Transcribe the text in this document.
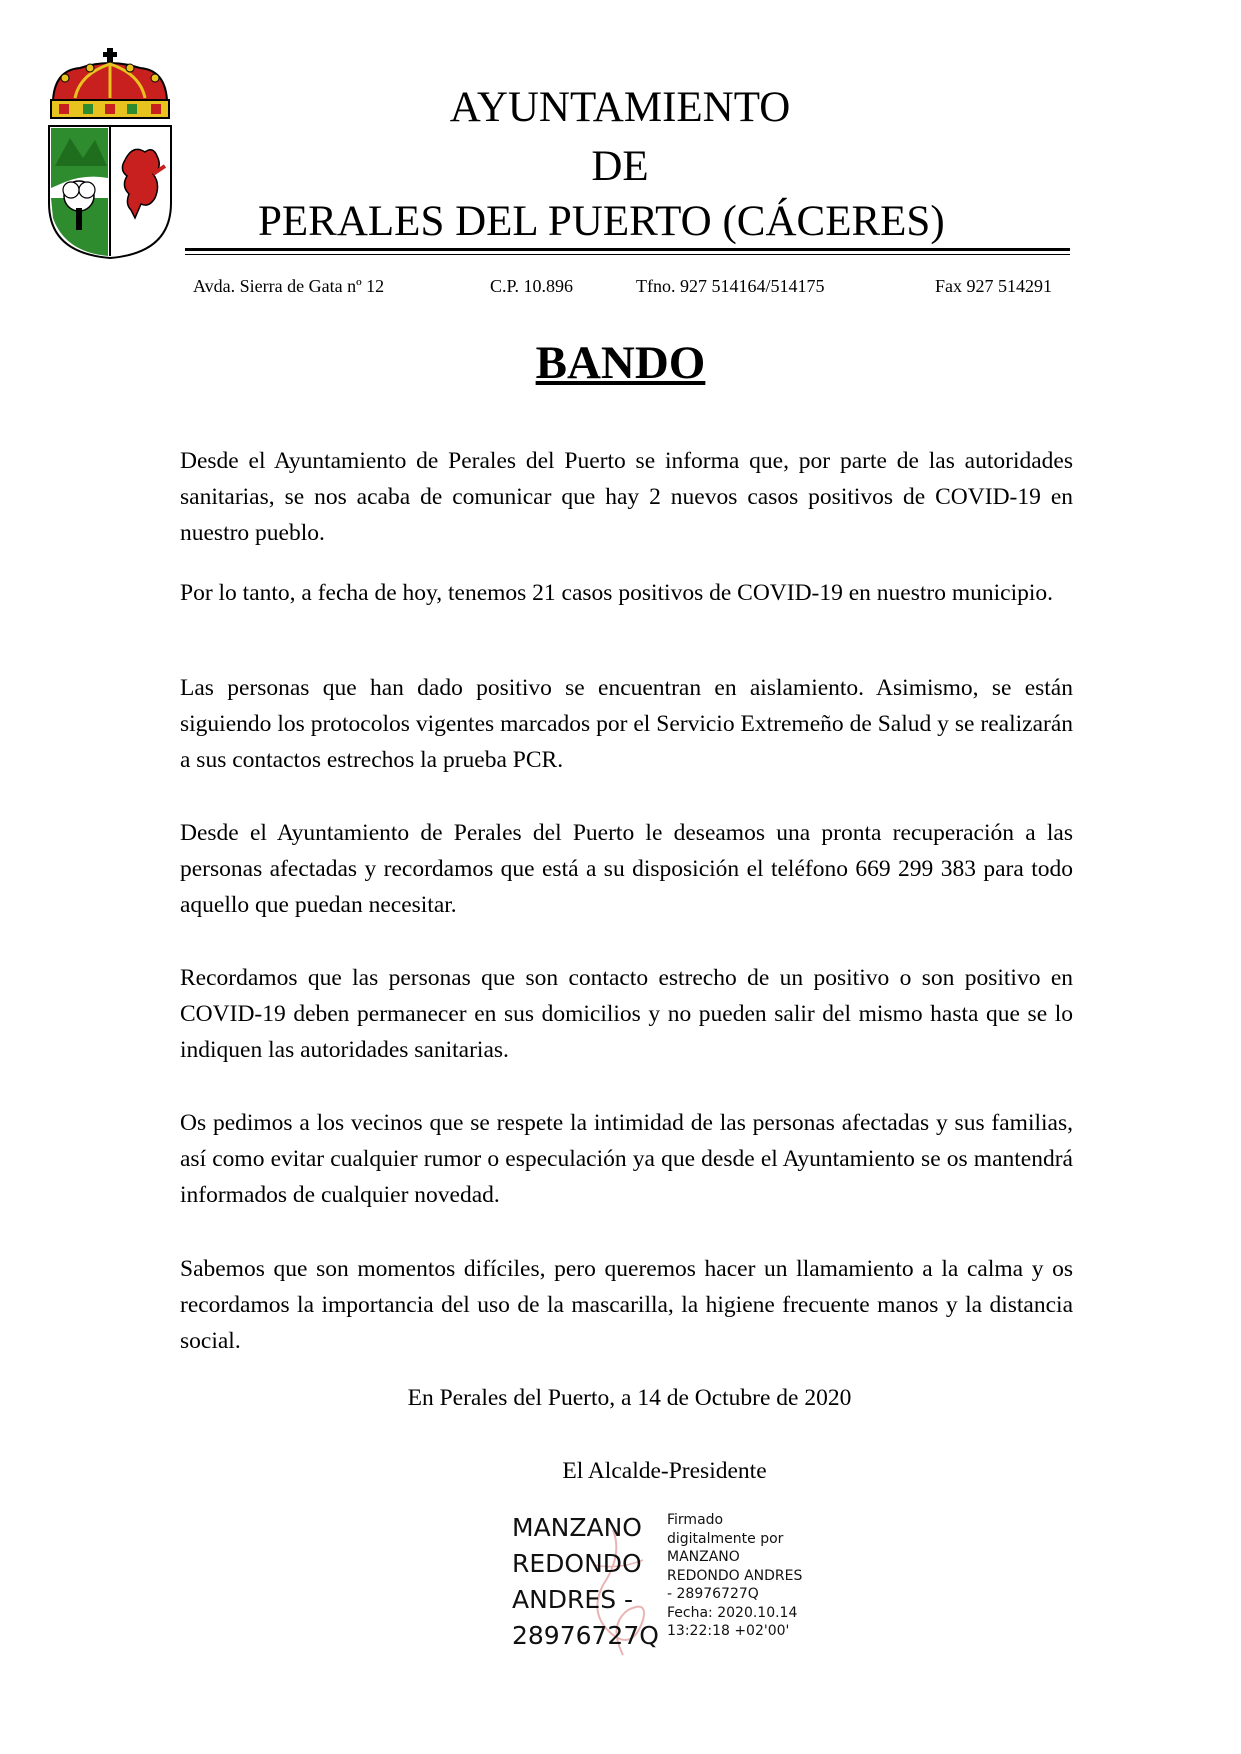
AYUNTAMIENTO
DE
PERALES DEL PUERTO (CÁCERES)
Avda. Sierra de Gata nº 12	C.P. 10.896	Tfno. 927 514164/514175	Fax 927 514291
BANDO

Desde el Ayuntamiento de Perales del Puerto se informa que, por parte de las autoridades sanitarias, se nos acaba de comunicar que hay 2 nuevos casos positivos de COVID-19 en nuestro pueblo.

Por lo tanto, a fecha de hoy, tenemos 21 casos positivos de COVID-19 en nuestro municipio.

Las personas que han dado positivo se encuentran en aislamiento. Asimismo, se están siguiendo los protocolos vigentes marcados por el Servicio Extremeño de Salud y se realizarán a sus contactos estrechos la prueba PCR.

Desde el Ayuntamiento de Perales del Puerto le deseamos una pronta recuperación a las personas afectadas y recordamos que está a su disposición el teléfono 669 299 383 para todo aquello que puedan necesitar.

Recordamos que las personas que son contacto estrecho de un positivo o son positivo en COVID-19 deben permanecer en sus domicilios y no pueden salir del mismo hasta que se lo indiquen las autoridades sanitarias.

Os pedimos a los vecinos que se respete la intimidad de las personas afectadas y sus familias, así como evitar cualquier rumor o especulación ya que desde el Ayuntamiento se os mantendrá informados de cualquier novedad.

Sabemos que son momentos difíciles, pero queremos hacer un llamamiento a la calma y os recordamos la importancia del uso de la mascarilla, la higiene frecuente manos y la distancia social.

En Perales del Puerto, a 14 de Octubre de 2020
El Alcalde-Presidente
MANZANO
REDONDO
ANDRES -
28976727Q
Firmado
digitalmente por
MANZANO
REDONDO ANDRES
- 28976727Q
Fecha: 2020.10.14
13:22:18 +02'00'
